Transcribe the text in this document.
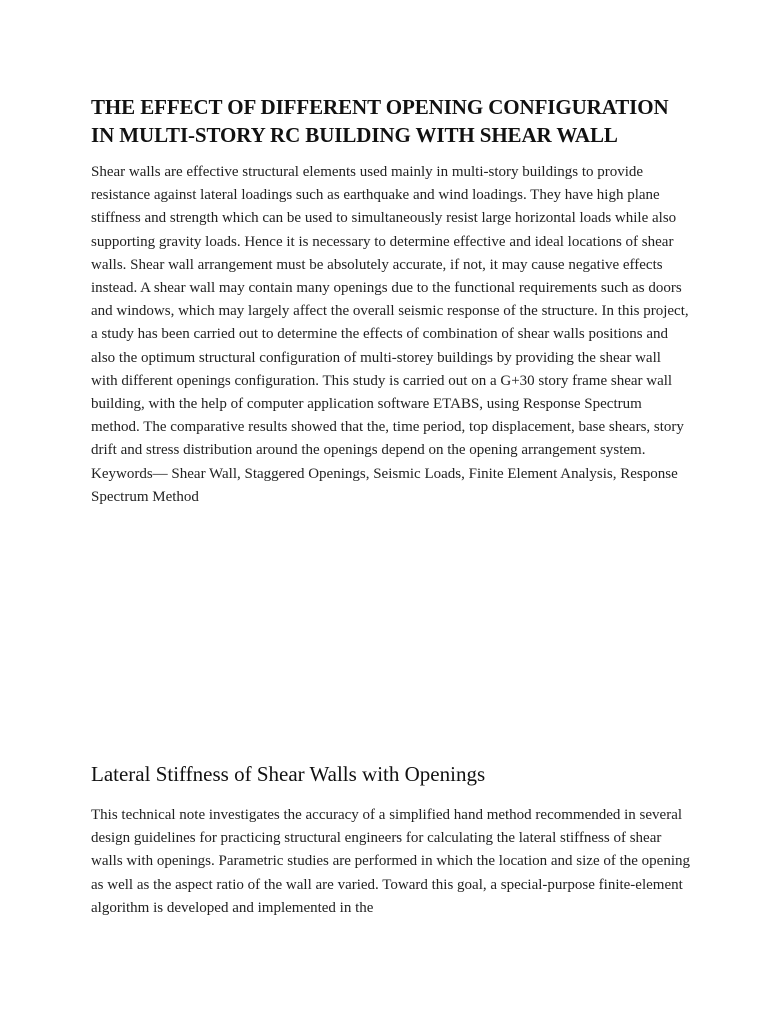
THE EFFECT OF DIFFERENT OPENING CONFIGURATION IN MULTI-STORY RC BUILDING WITH SHEAR WALL

Shear walls are effective structural elements used mainly in multi-story buildings to provide resistance against lateral loadings such as earthquake and wind loadings. They have high plane stiffness and strength which can be used to simultaneously resist large horizontal loads while also supporting gravity loads. Hence it is necessary to determine effective and ideal locations of shear walls. Shear wall arrangement must be absolutely accurate, if not, it may cause negative effects instead. A shear wall may contain many openings due to the functional requirements such as doors and windows, which may largely affect the overall seismic response of the structure. In this project, a study has been carried out to determine the effects of combination of shear walls positions and also the optimum structural configuration of multi-storey buildings by providing the shear wall with different openings configuration. This study is carried out on a G+30 story frame shear wall building, with the help of computer application software ETABS, using Response Spectrum method. The comparative results showed that the, time period, top displacement, base shears, story drift and stress distribution around the openings depend on the opening arrangement system. Keywords— Shear Wall, Staggered Openings, Seismic Loads, Finite Element Analysis, Response Spectrum Method

Lateral Stiffness of Shear Walls with Openings

This technical note investigates the accuracy of a simplified hand method recommended in several design guidelines for practicing structural engineers for calculating the lateral stiffness of shear walls with openings. Parametric studies are performed in which the location and size of the opening as well as the aspect ratio of the wall are varied. Toward this goal, a special-purpose finite-element algorithm is developed and implemented in the
